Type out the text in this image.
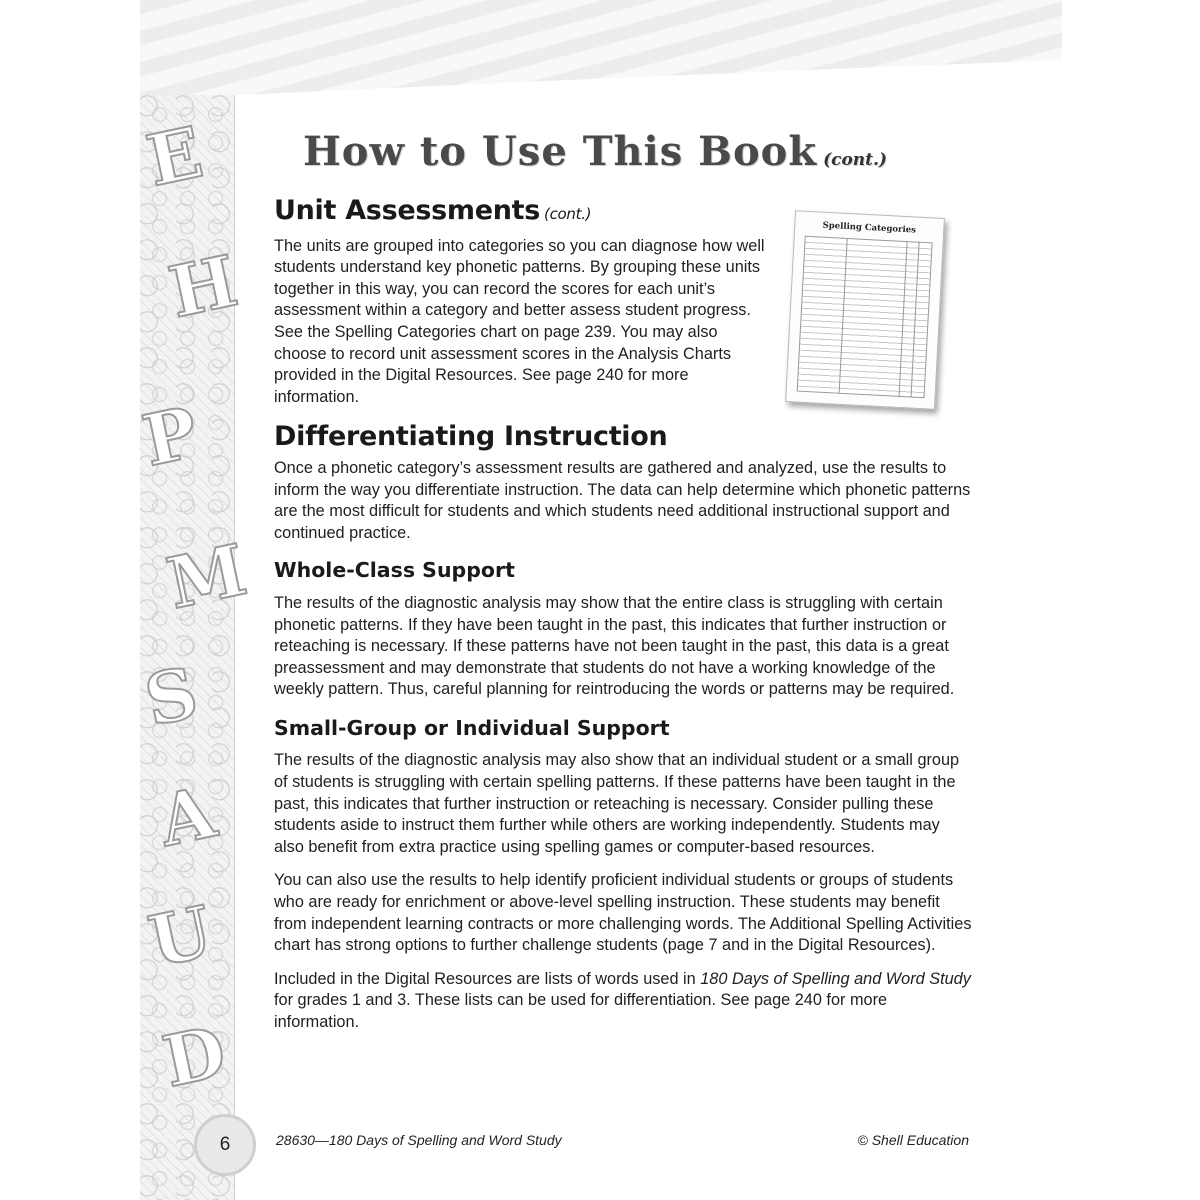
E
H
P
M
S
A
U
D
How to Use This Book (cont.)
Spelling Categories
Unit Assessments (cont.)

The units are grouped into categories so you can diagnose how well students understand key phonetic patterns. By grouping these units together in this way, you can record the scores for each unit’s assessment within a category and better assess student progress. See the Spelling Categories chart on page 239. You may also choose to record unit assessment scores in the Analysis Charts provided in the Digital Resources. See page 240 for more information.

Differentiating Instruction

Once a phonetic category’s assessment results are gathered and analyzed, use the results to inform the way you differentiate instruction. The data can help determine which phonetic patterns are the most difficult for students and which students need additional instructional support and continued practice.

Whole-Class Support

The results of the diagnostic analysis may show that the entire class is struggling with certain phonetic patterns. If they have been taught in the past, this indicates that further instruction or reteaching is necessary. If these patterns have not been taught in the past, this data is a great preassessment and may demonstrate that students do not have a working knowledge of the weekly pattern. Thus, careful planning for reintroducing the words or patterns may be required.

Small-Group or Individual Support

The results of the diagnostic analysis may also show that an individual student or a small group of students is struggling with certain spelling patterns. If these patterns have been taught in the past, this indicates that further instruction or reteaching is necessary. Consider pulling these students aside to instruct them further while others are working independently. Students may also benefit from extra practice using spelling games or computer-based resources.

You can also use the results to help identify proficient individual students or groups of students who are ready for enrichment or above-level spelling instruction. These students may benefit from independent learning contracts or more challenging words. The Additional Spelling Activities chart has strong options to further challenge students (page 7 and in the Digital Resources).

Included in the Digital Resources are lists of words used in 180 Days of Spelling and Word Study for grades 1 and 3. These lists can be used for differentiation. See page 240 for more information.

6	28630—180 Days of Spelling and Word Study	© Shell Education
